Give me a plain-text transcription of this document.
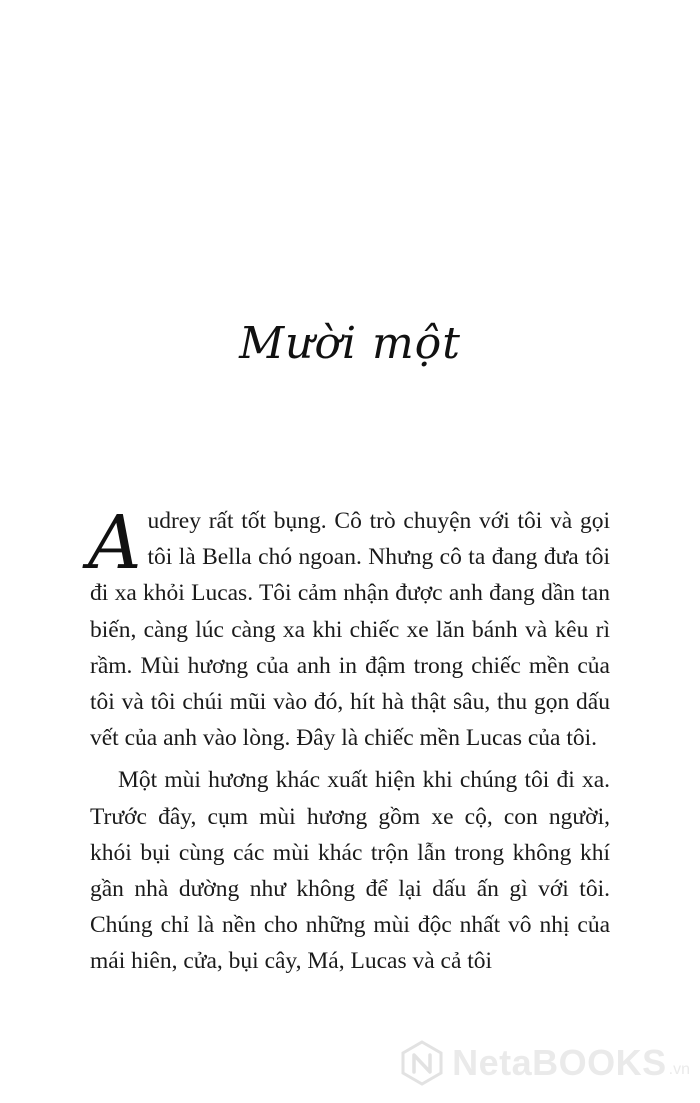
Mười một

Audrey rất tốt bụng. Cô trò chuyện với tôi và gọi tôi là Bella chó ngoan. Nhưng cô ta đang đưa tôi đi xa khỏi Lucas. Tôi cảm nhận được anh đang dần tan biến, càng lúc càng xa khi chiếc xe lăn bánh và kêu rì rầm. Mùi hương của anh in đậm trong chiếc mền của tôi và tôi chúi mũi vào đó, hít hà thật sâu, thu gọn dấu vết của anh vào lòng. Đây là chiếc mền Lucas của tôi.

Một mùi hương khác xuất hiện khi chúng tôi đi xa. Trước đây, cụm mùi hương gồm xe cộ, con người, khói bụi cùng các mùi khác trộn lẫn trong không khí gần nhà dường như không để lại dấu ấn gì với tôi. Chúng chỉ là nền cho những mùi độc nhất vô nhị của mái hiên, cửa, bụi cây, Má, Lucas và cả tôi

NetaBOOKS .vn
